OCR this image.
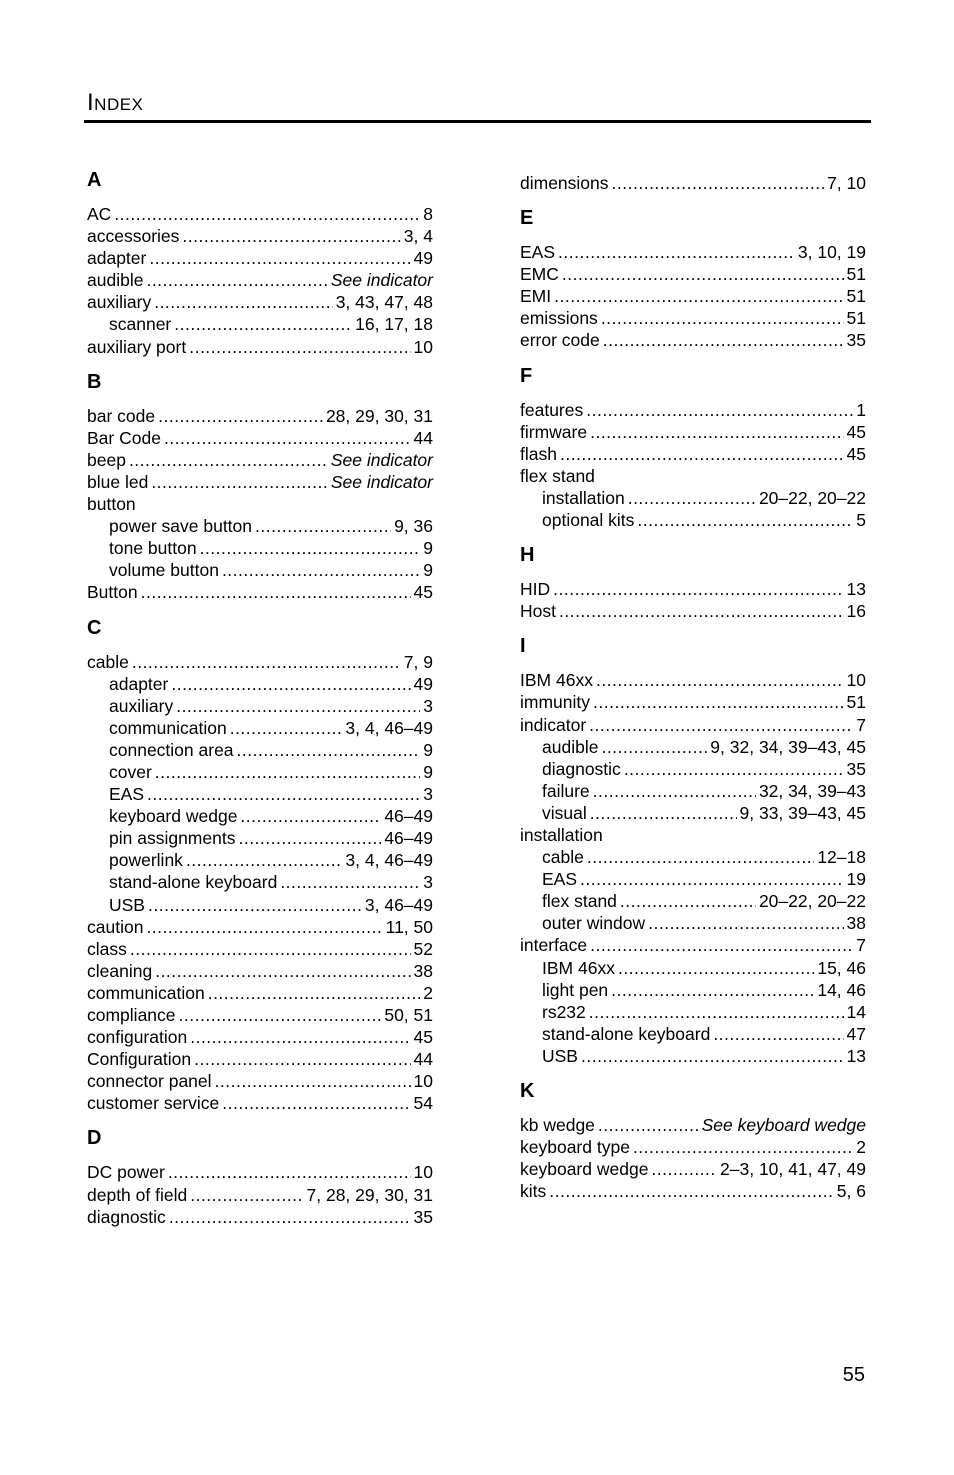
Index
A
AC .....	8
accessories .....	3, 4
adapter .....	49
audible .....	See indicator
auxiliary .....	3, 43, 47, 48
scanner .....	16, 17, 18
auxiliary port .....	10
B
bar code .....	28, 29, 30, 31
Bar Code .....	44
beep .....	See indicator
blue led .....	See indicator
button
power save button .....	9, 36
tone button .....	9
volume button .....	9
Button .....	45
C
cable .....	7, 9
adapter .....	49
auxiliary .....	3
communication .....	3, 4, 46–49
connection area .....	9
cover .....	9
EAS .....	3
keyboard wedge .....	46–49
pin assignments .....	46–49
powerlink .....	3, 4, 46–49
stand-alone keyboard .....	3
USB .....	3, 46–49
caution .....	11, 50
class .....	52
cleaning .....	38
communication .....	2
compliance .....	50, 51
configuration .....	45
Configuration .....	44
connector panel .....	10
customer service .....	54
D
DC power .....	10
depth of field .....	7, 28, 29, 30, 31
diagnostic .....	35
dimensions .....	7, 10
E
EAS .....	3, 10, 19
EMC .....	51
EMI .....	51
emissions .....	51
error code .....	35
F
features .....	1
firmware .....	45
flash .....	45
flex stand
installation .....	20–22, 20–22
optional kits .....	5
H
HID .....	13
Host .....	16
I
IBM 46xx .....	10
immunity .....	51
indicator .....	7
audible .....	9, 32, 34, 39–43, 45
diagnostic .....	35
failure .....	32, 34, 39–43
visual .....	9, 33, 39–43, 45
installation
cable .....	12–18
EAS .....	19
flex stand .....	20–22, 20–22
outer window .....	38
interface .....	7
IBM 46xx .....	15, 46
light pen .....	14, 46
rs232 .....	14
stand-alone keyboard .....	47
USB .....	13
K
kb wedge .....	See keyboard wedge
keyboard type .....	2
keyboard wedge .....	2–3, 10, 41, 47, 49
kits .....	5, 6
55
